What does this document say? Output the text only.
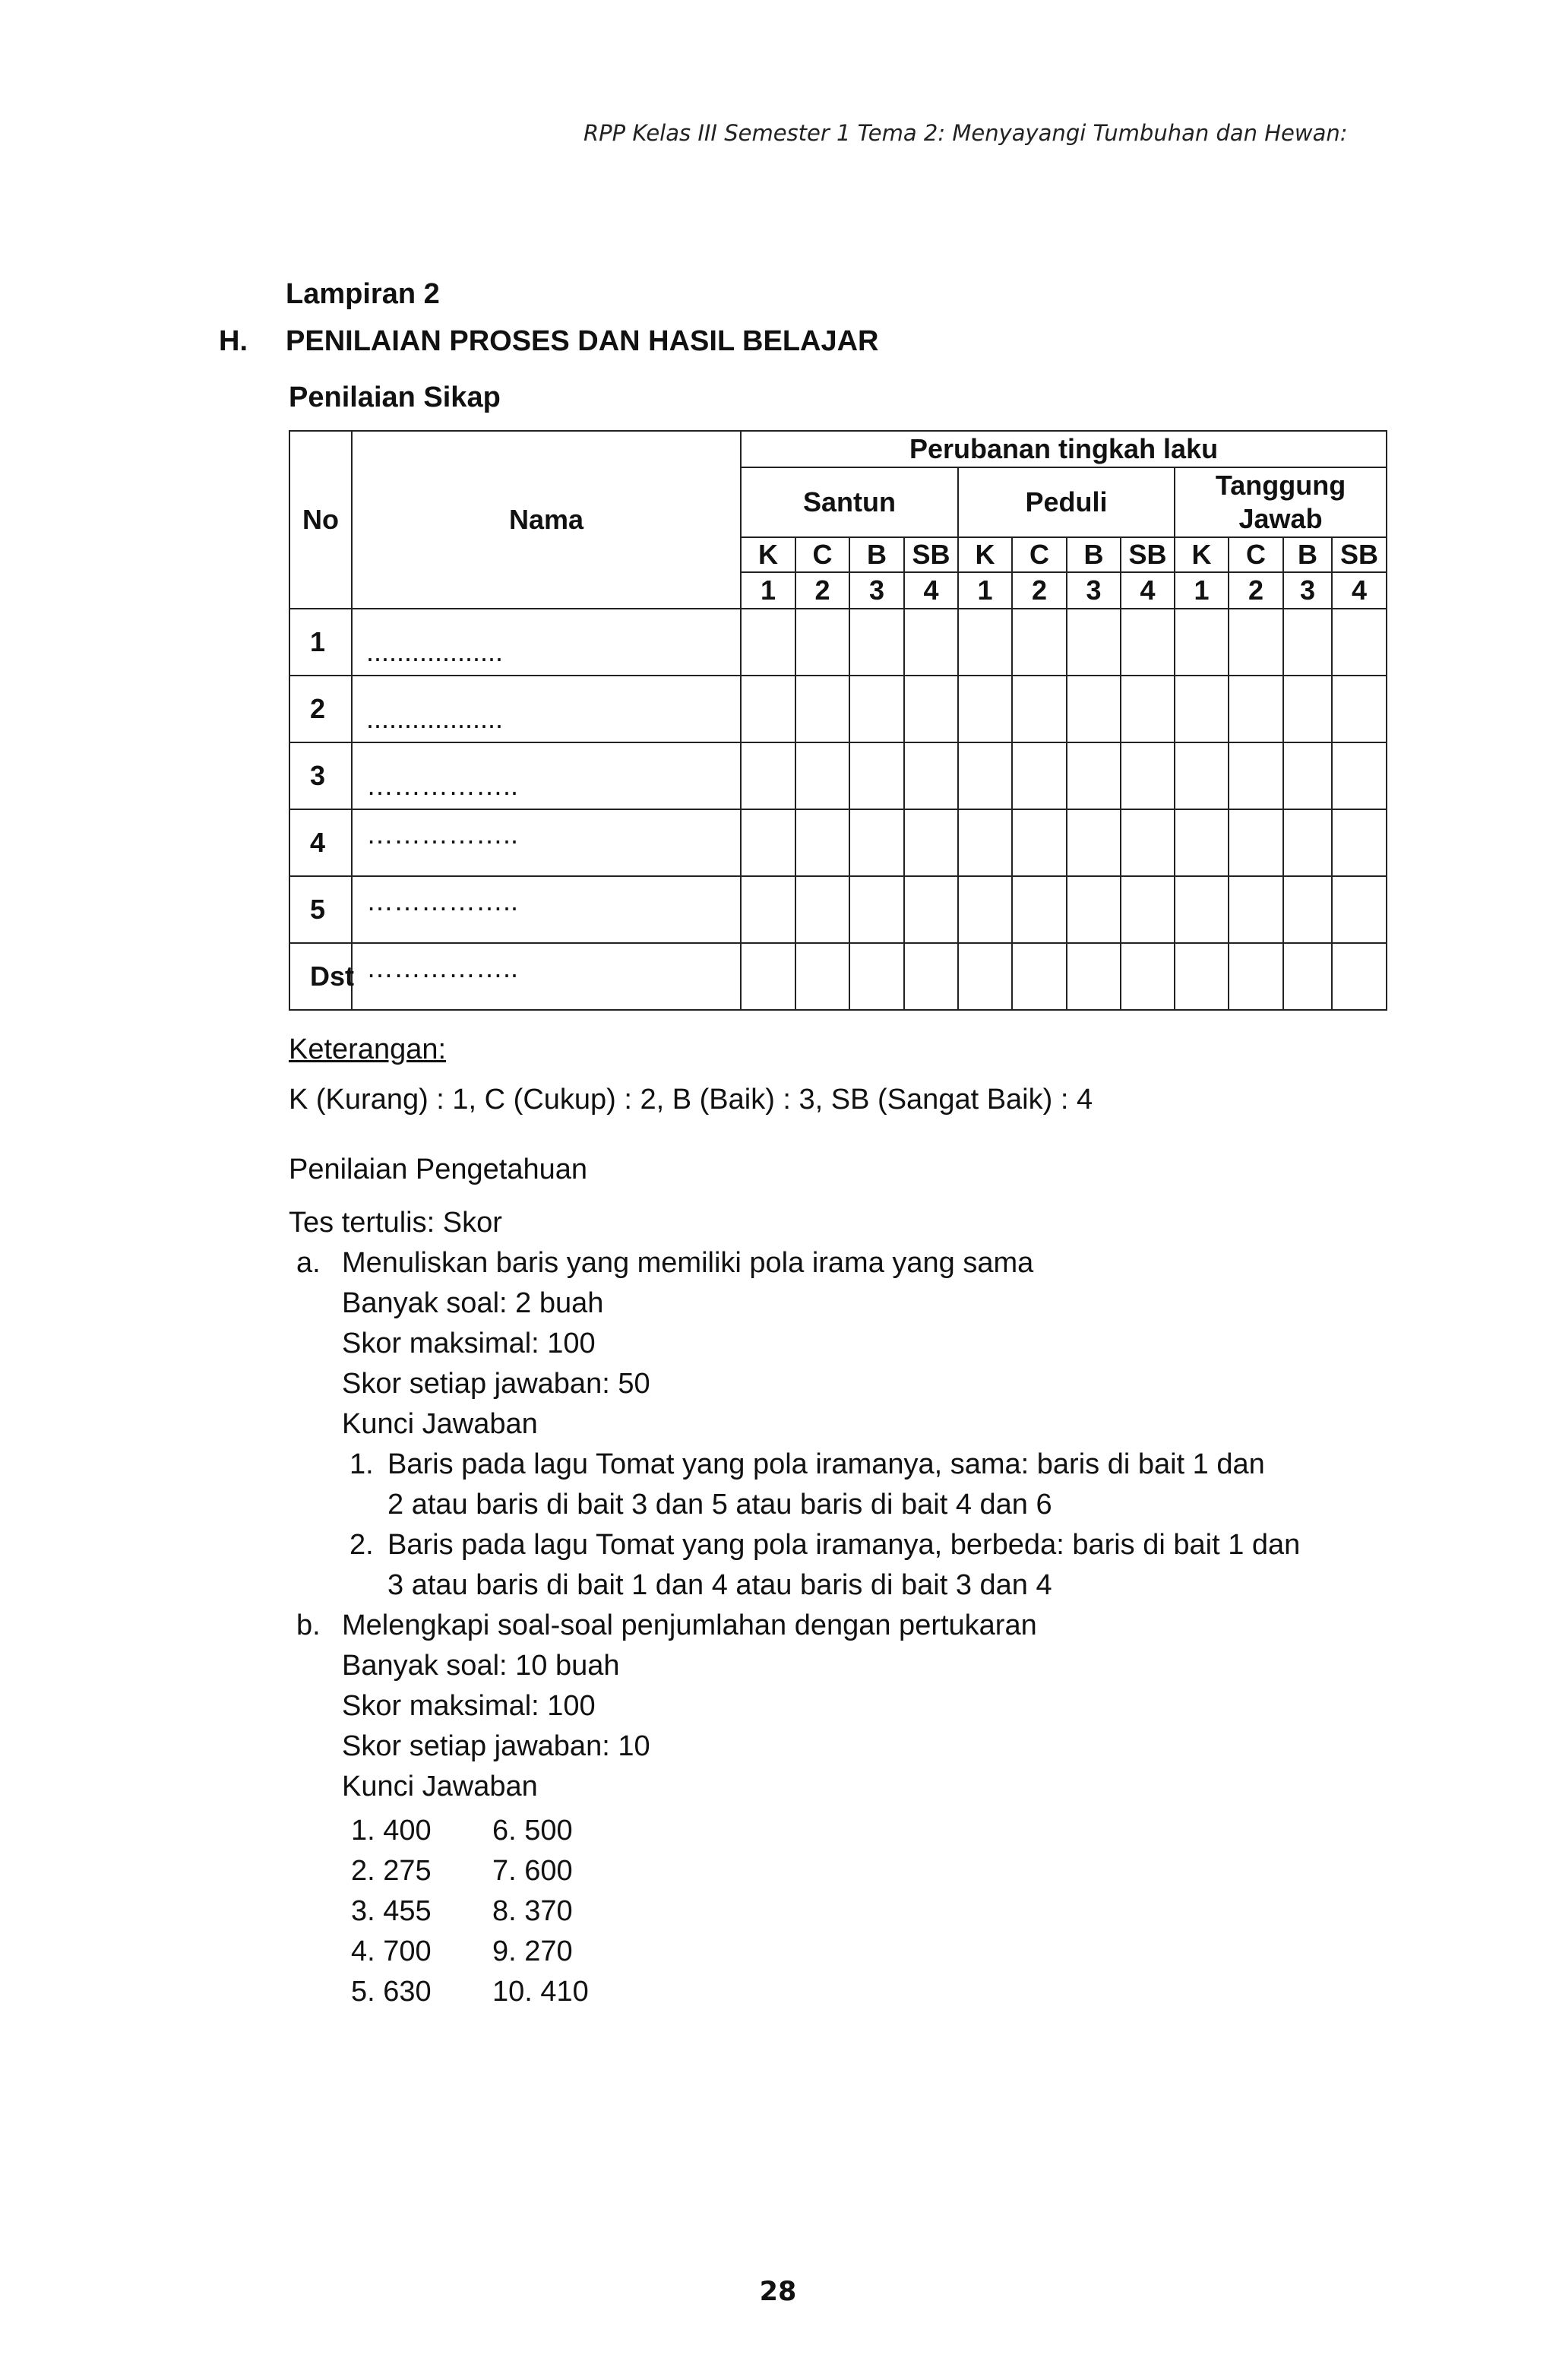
RPP Kelas III Semester 1 Tema 2: Menyayangi Tumbuhan dan Hewan:
Lampiran 2
H. PENILAIAN PROSES DAN HASIL BELAJAR
Penilaian Sikap
No	Nama	Perubanan tingkah laku											
		Santun				Peduli				Tanggung Jawab			
		K	C	B	SB	K	C	B	SB	K	C	B	SB
		1	2	3	4	1	2	3	4	1	2	3	4
1	..................												
2	..................												
3	……………..												
4	……………..												
5	……………..												
Dst	……………..												
Keterangan:
K (Kurang) : 1, C (Cukup) : 2, B (Baik) : 3, SB (Sangat Baik) : 4
Penilaian Pengetahuan
Tes tertulis: Skor
a. Menuliskan baris yang memiliki pola irama yang sama
Banyak soal: 2 buah
Skor maksimal: 100
Skor setiap jawaban: 50
Kunci Jawaban
1. Baris pada lagu Tomat yang pola iramanya, sama: baris di bait 1 dan
2 atau baris di bait 3 dan 5 atau baris di bait 4 dan 6
2. Baris pada lagu Tomat yang pola iramanya, berbeda: baris di bait 1 dan
3 atau baris di bait 1 dan 4 atau baris di bait 3 dan 4
b. Melengkapi soal-soal penjumlahan dengan pertukaran
Banyak soal: 10 buah
Skor maksimal: 100
Skor setiap jawaban: 10
Kunci Jawaban
1. 400
2. 275
3. 455
4. 700
5. 630
6. 500
7. 600
8. 370
9. 270
10. 410
28
